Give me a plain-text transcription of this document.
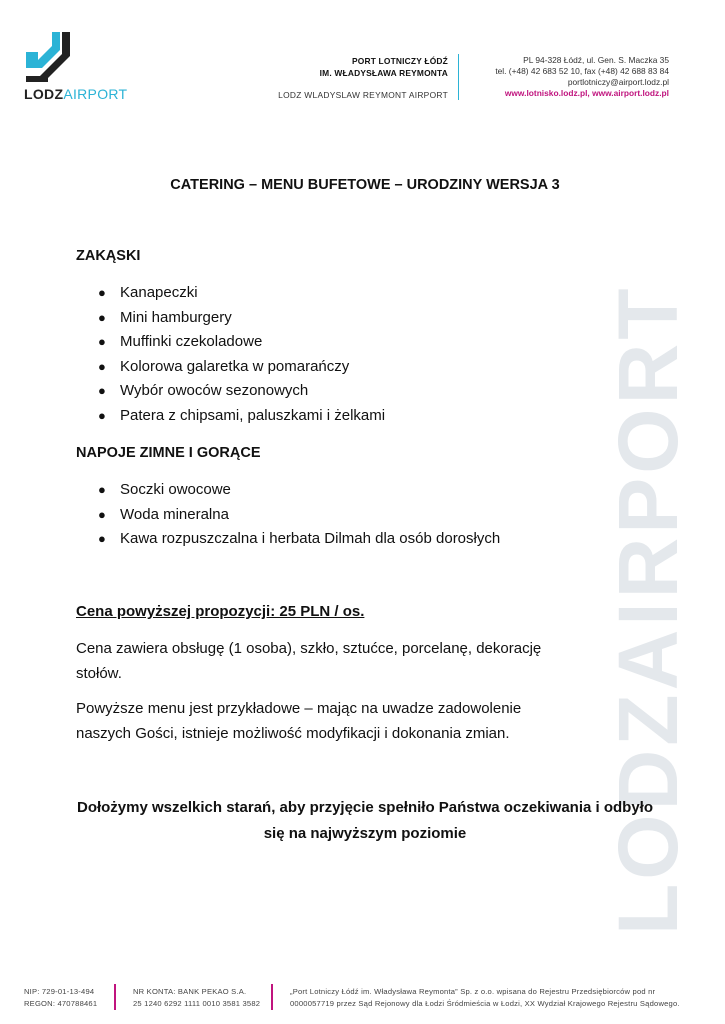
LODZAIRPORT
PORT LOTNICZY ŁÓDŹ
IM. WŁADYSŁAWA REYMONTA
LODZ WLADYSLAW REYMONT AIRPORT
PL 94-328 Łódź, ul. Gen. S. Maczka 35
tel. (+48) 42 683 52 10, fax (+48) 42 688 83 84
portlotniczy@airport.lodz.pl
www.lotnisko.lodz.pl, www.airport.lodz.pl
LODZAIRPORT
CATERING – MENU BUFETOWE – URODZINY WERSJA 3
ZAKĄSKI
● Kanapeczki
● Mini hamburgery
● Muffinki czekoladowe
● Kolorowa galaretka w pomarańczy
● Wybór owoców sezonowych
● Patera z chipsami, paluszkami i żelkami
NAPOJE ZIMNE I GORĄCE
● Soczki owocowe
● Woda mineralna
● Kawa rozpuszczalna i herbata Dilmah dla osób dorosłych
Cena powyższej propozycji: 25 PLN / os.
Cena zawiera obsługę (1 osoba), szkło, sztućce, porcelanę, dekorację stołów.
Powyższe menu jest przykładowe – mając na uwadze zadowolenie naszych Gości, istnieje możliwość modyfikacji i dokonania zmian.
Dołożymy wszelkich starań, aby przyjęcie spełniło Państwa oczekiwania i odbyło się na najwyższym poziomie
NIP: 729-01-13-494
REGON: 470788461
NR KONTA: BANK PEKAO S.A.
25 1240 6292 1111 0010 3581 3582
„Port Lotniczy Łódź im. Władysława Reymonta” Sp. z o.o. wpisana do Rejestru Przedsiębiorców pod nr
0000057719 przez Sąd Rejonowy dla Łodzi Śródmieścia w Łodzi, XX Wydział Krajowego Rejestru Sądowego.
